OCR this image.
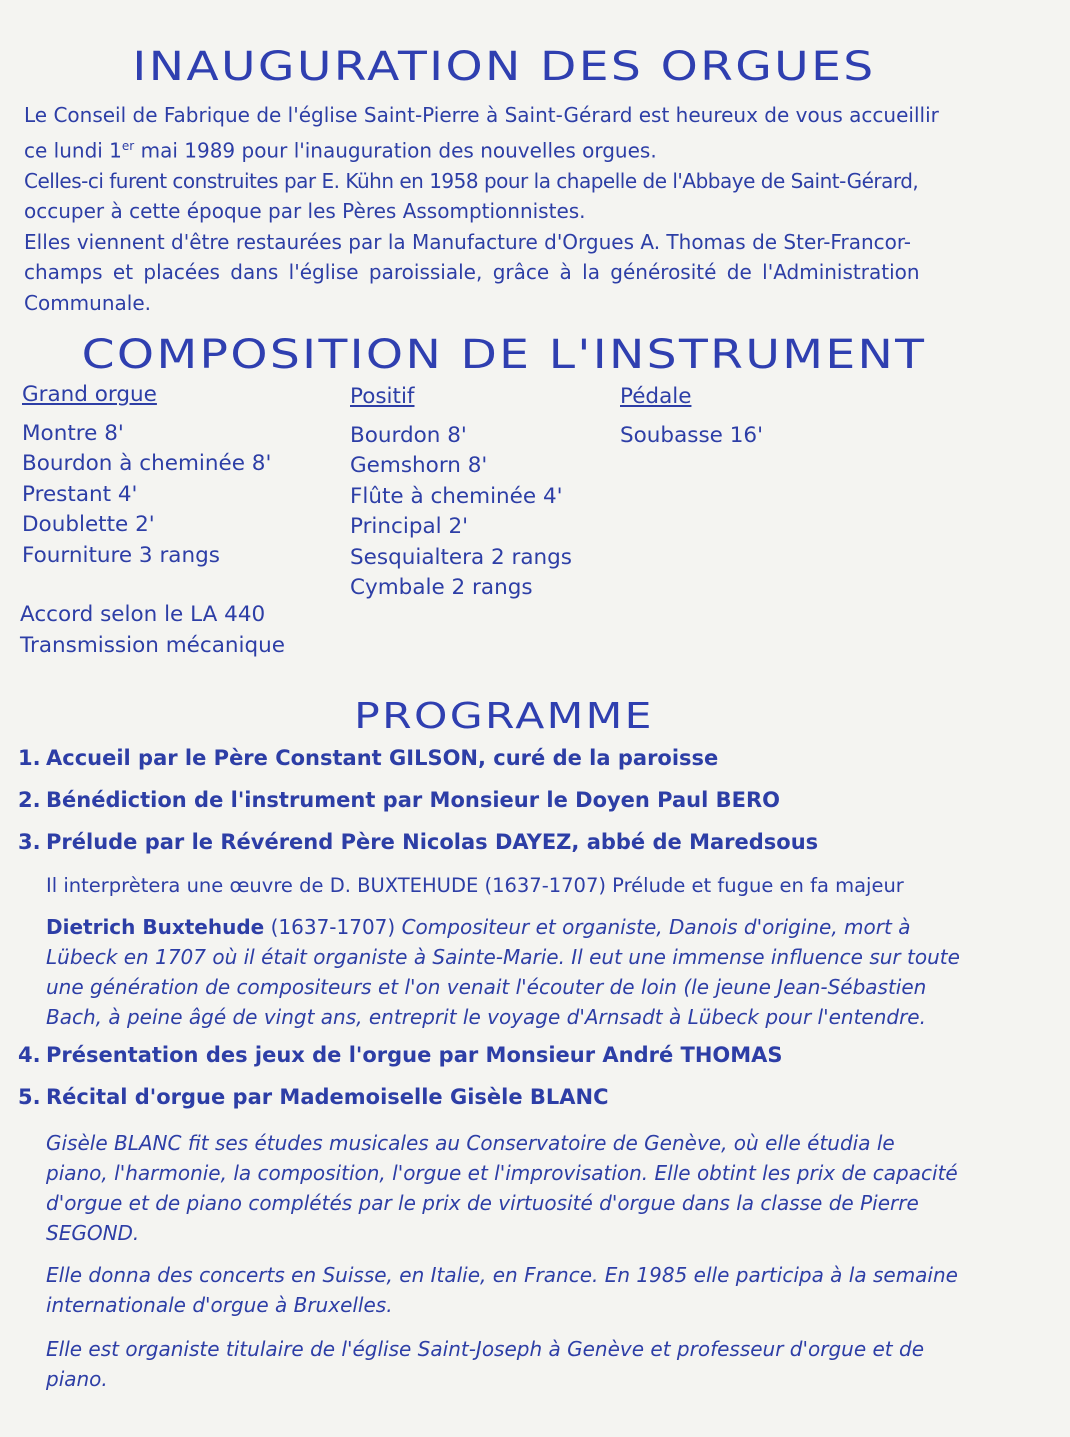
INAUGURATION DES ORGUES

Le Conseil de Fabrique de l'église Saint-Pierre à Saint-Gérard est heureux de vous accueillir

ce lundi 1er mai 1989 pour l'inauguration des nouvelles orgues.

Celles-ci furent construites par E. Kühn en 1958 pour la chapelle de l'Abbaye de Saint-Gérard,

occuper à cette époque par les Pères Assomptionnistes.

Elles viennent d'être restaurées par la Manufacture d'Orgues A. Thomas de Ster-Francor-

champs et placées dans l'église paroissiale, grâce à la générosité de l'Administration

Communale.

COMPOSITION DE L'INSTRUMENT
Grand orgue
Montre 8'
Bourdon à cheminée 8'
Prestant 4'
Doublette 2'
Fourniture 3 rangs
Positif
Bourdon 8'
Gemshorn 8'
Flûte à cheminée 4'
Principal 2'
Sesquialtera 2 rangs
Cymbale 2 rangs
Pédale
Soubasse 16'
Accord selon le LA 440
Transmission mécanique
PROGRAMME
1. Accueil par le Père Constant GILSON, curé de la paroisse
2. Bénédiction de l'instrument par Monsieur le Doyen Paul BERO
3. Prélude par le Révérend Père Nicolas DAYEZ, abbé de Maredsous
Il interprètera une œuvre de D. BUXTEHUDE (1637-1707) Prélude et fugue en fa majeur

Dietrich Buxtehude (1637-1707) Compositeur et organiste, Danois d'origine, mort à

Lübeck en 1707 où il était organiste à Sainte-Marie. Il eut une immense influence sur toute

une génération de compositeurs et l'on venait l'écouter de loin (le jeune Jean-Sébastien

Bach, à peine âgé de vingt ans, entreprit le voyage d'Arnsadt à Lübeck pour l'entendre.

4. Présentation des jeux de l'orgue par Monsieur André THOMAS
5. Récital d'orgue par Mademoiselle Gisèle BLANC

Gisèle BLANC fit ses études musicales au Conservatoire de Genève, où elle étudia le

piano, l'harmonie, la composition, l'orgue et l'improvisation. Elle obtint les prix de capacité

d'orgue et de piano complétés par le prix de virtuosité d'orgue dans la classe de Pierre

SEGOND.

Elle donna des concerts en Suisse, en Italie, en France. En 1985 elle participa à la semaine

internationale d'orgue à Bruxelles.

Elle est organiste titulaire de l'église Saint-Joseph à Genève et professeur d'orgue et de

piano.
